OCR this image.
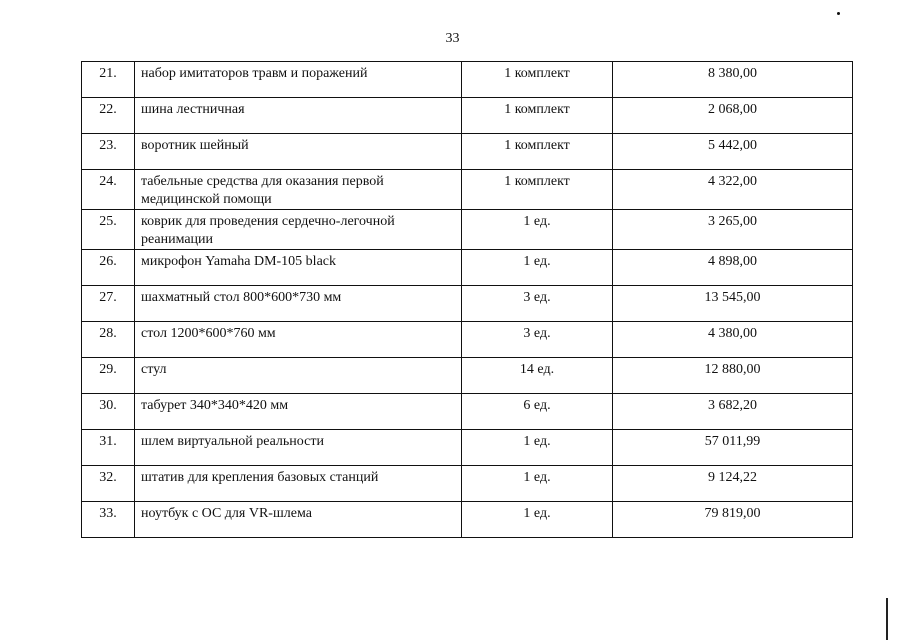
33
21.	набор имитаторов травм и поражений	1 комплект	8 380,00
22.	шина лестничная	1 комплект	2 068,00
23.	воротник шейный	1 комплект	5 442,00
24.	табельные средства для оказания первой медицинской помощи	1 комплект	4 322,00
25.	коврик для проведения сердечно-легочной реанимации	1 ед.	3 265,00
26.	микрофон Yamaha DM-105 black	1 ед.	4 898,00
27.	шахматный стол 800*600*730 мм	3 ед.	13 545,00
28.	стол 1200*600*760 мм	3 ед.	4 380,00
29.	стул	14 ед.	12 880,00
30.	табурет 340*340*420 мм	6 ед.	3 682,20
31.	шлем виртуальной реальности	1 ед.	57 011,99
32.	штатив для крепления базовых станций	1 ед.	9 124,22
33.	ноутбук с ОС для VR-шлема	1 ед.	79 819,00
